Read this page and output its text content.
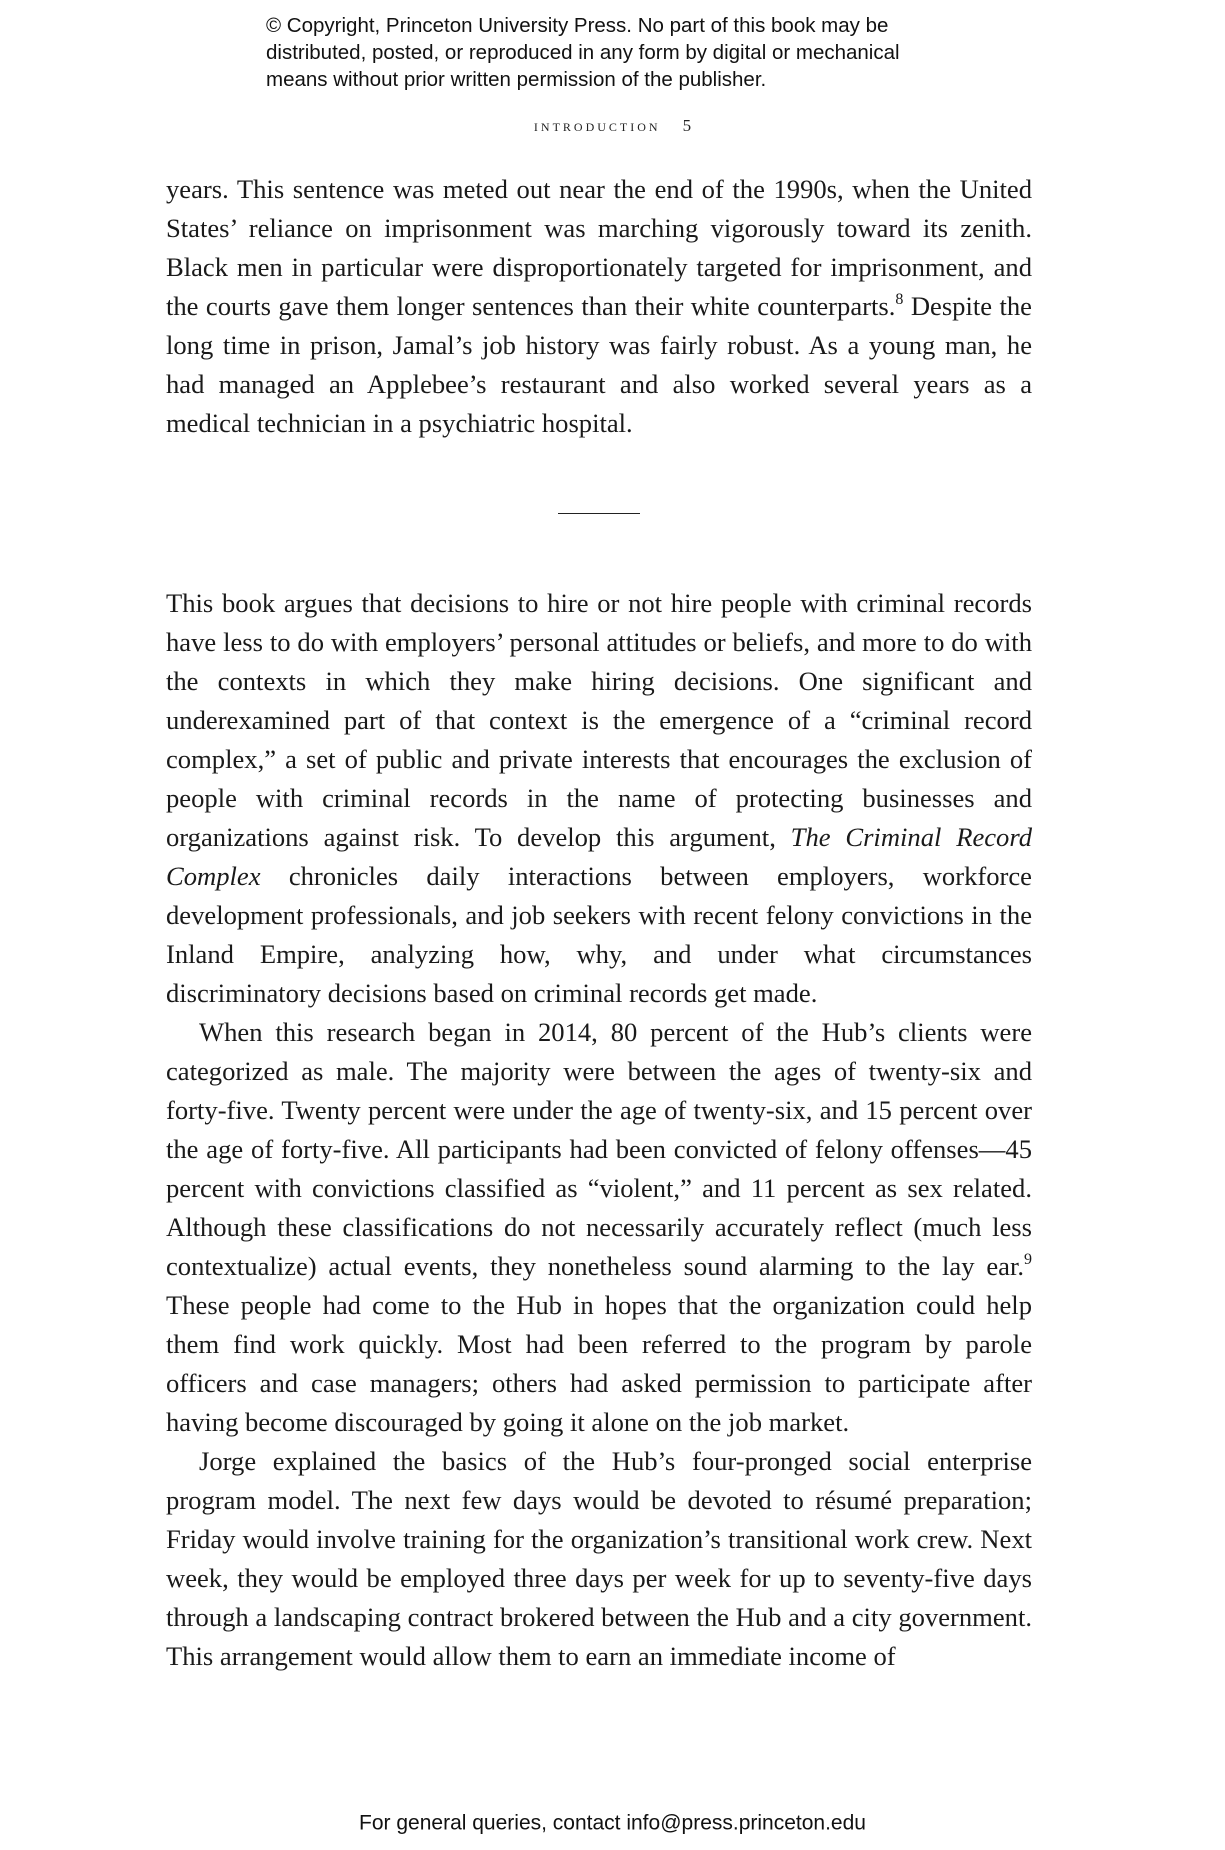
© Copyright, Princeton University Press. No part of this book may be
distributed, posted, or reproduced in any form by digital or mechanical
means without prior written permission of the publisher.
introduction 5

years. This sentence was meted out near the end of the 1990s, when the United States’ reliance on imprisonment was marching vigorously toward its zenith. Black men in particular were disproportionately targeted for imprisonment, and the courts gave them longer sentences than their white counterparts.$^8$ Despite the long time in prison, Jamal’s job history was fairly robust. As a young man, he had managed an Applebee’s restaurant and also worked several years as a medical technician in a psychiatric hospital.

This book argues that decisions to hire or not hire people with criminal records have less to do with employers’ personal attitudes or beliefs, and more to do with the contexts in which they make hiring decisions. One significant and underexamined part of that context is the emergence of a “criminal record complex,” a set of public and private interests that encourages the exclusion of people with criminal records in the name of protecting businesses and organizations against risk. To develop this argument, The Criminal Record Complex chronicles daily interactions between employers, workforce development professionals, and job seekers with recent felony convictions in the Inland Empire, analyzing how, why, and under what circumstances discriminatory decisions based on criminal records get made.

When this research began in 2014, 80 percent of the Hub’s clients were categorized as male. The majority were between the ages of twenty-six and forty-five. Twenty percent were under the age of twenty-six, and 15 percent over the age of forty-five. All participants had been convicted of felony offenses—45 percent with convictions classified as “violent,” and 11 percent as sex related. Although these classifications do not necessarily accurately reflect (much less contextualize) actual events, they nonetheless sound alarming to the lay ear.$^9$ These people had come to the Hub in hopes that the organization could help them find work quickly. Most had been referred to the program by parole officers and case managers; others had asked permission to participate after having become discouraged by going it alone on the job market.

Jorge explained the basics of the Hub’s four-pronged social enterprise program model. The next few days would be devoted to résumé preparation; Friday would involve training for the organization’s transitional work crew. Next week, they would be employed three days per week for up to seventy-five days through a landscaping contract brokered between the Hub and a city government. This arrangement would allow them to earn an immediate income of

For general queries, contact info@press.princeton.edu
